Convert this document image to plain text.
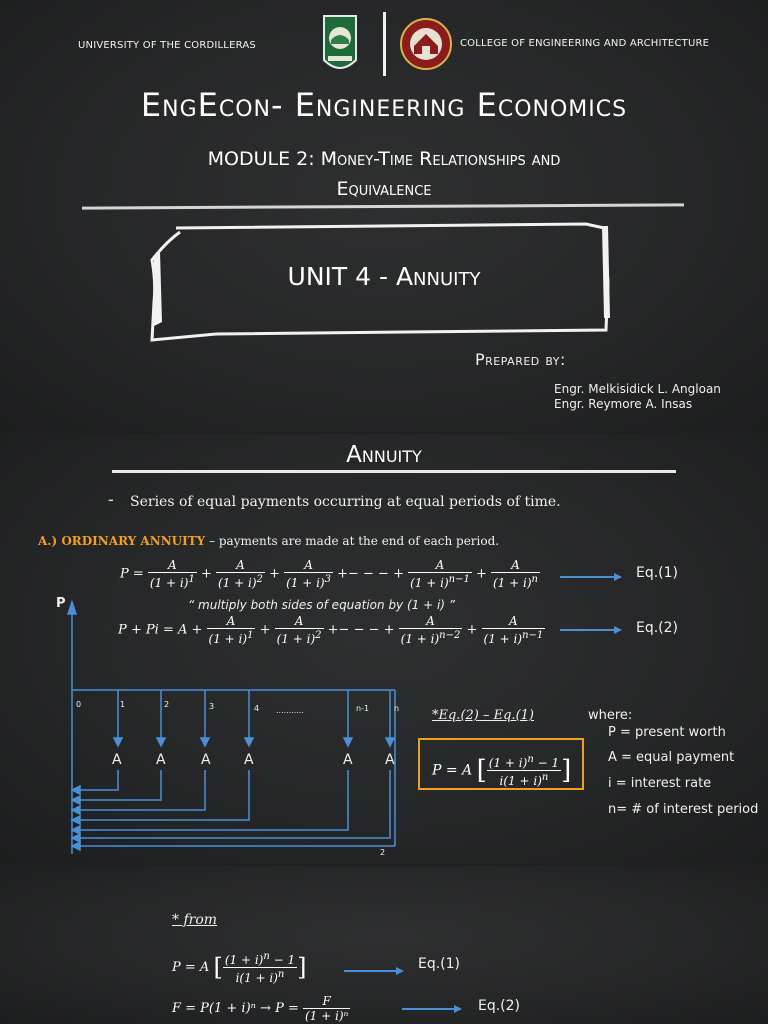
UNIVERSITY OF THE CORDILLERAS	COLLEGE OF ENGINEERING AND ARCHITECTURE
EngEcon- Engineering Economics
MODULE 2: Money-Time Relationships and
Equivalence
UNIT 4 - Annuity
Prepared by:
Engr. Melkisidick L. Angloan
Engr. Reymore A. Insas
Annuity
- Series of equal payments occurring at equal periods of time.
A.) ORDINARY ANNUITY – payments are made at the end of each period.
$P = \frac{A}{(1 + i)^1} + \frac{A}{(1 + i)^2} + \frac{A}{(1 + i)^3}$ +− − − + $\frac{A}{(1 + i)^{n-1}} + \frac{A}{(1 + i)^n}$	Eq.(1)
“ multiply both sides of equation by (1 + i) ”
$P + Pi = A + \frac{A}{(1 + i)^1} + \frac{A}{(1 + i)^2}$ +− − − + $\frac{A}{(1 + i)^{n-2}} + \frac{A}{(1 + i)^{n-1}}$	Eq.(2)
P
0	1	2	3	4 ...........	n-1	n
A A	A A	A A
2
*Eq.(2) – Eq.(1)
P = A [ $\frac{(1 + i)^n - 1}{i(1 + i)^n}$ ]
where:
P = present worth
A = equal payment
i = interest rate
n= # of interest period
* from
P = A [ $\frac{(1 + i)^n - 1}{i(1 + i)^n}$ ]	Eq.(1)
$F = P(1 + i)^n \to P = \frac{F}{\text{(1 + i)ⁿ}}$	Eq.(2)
